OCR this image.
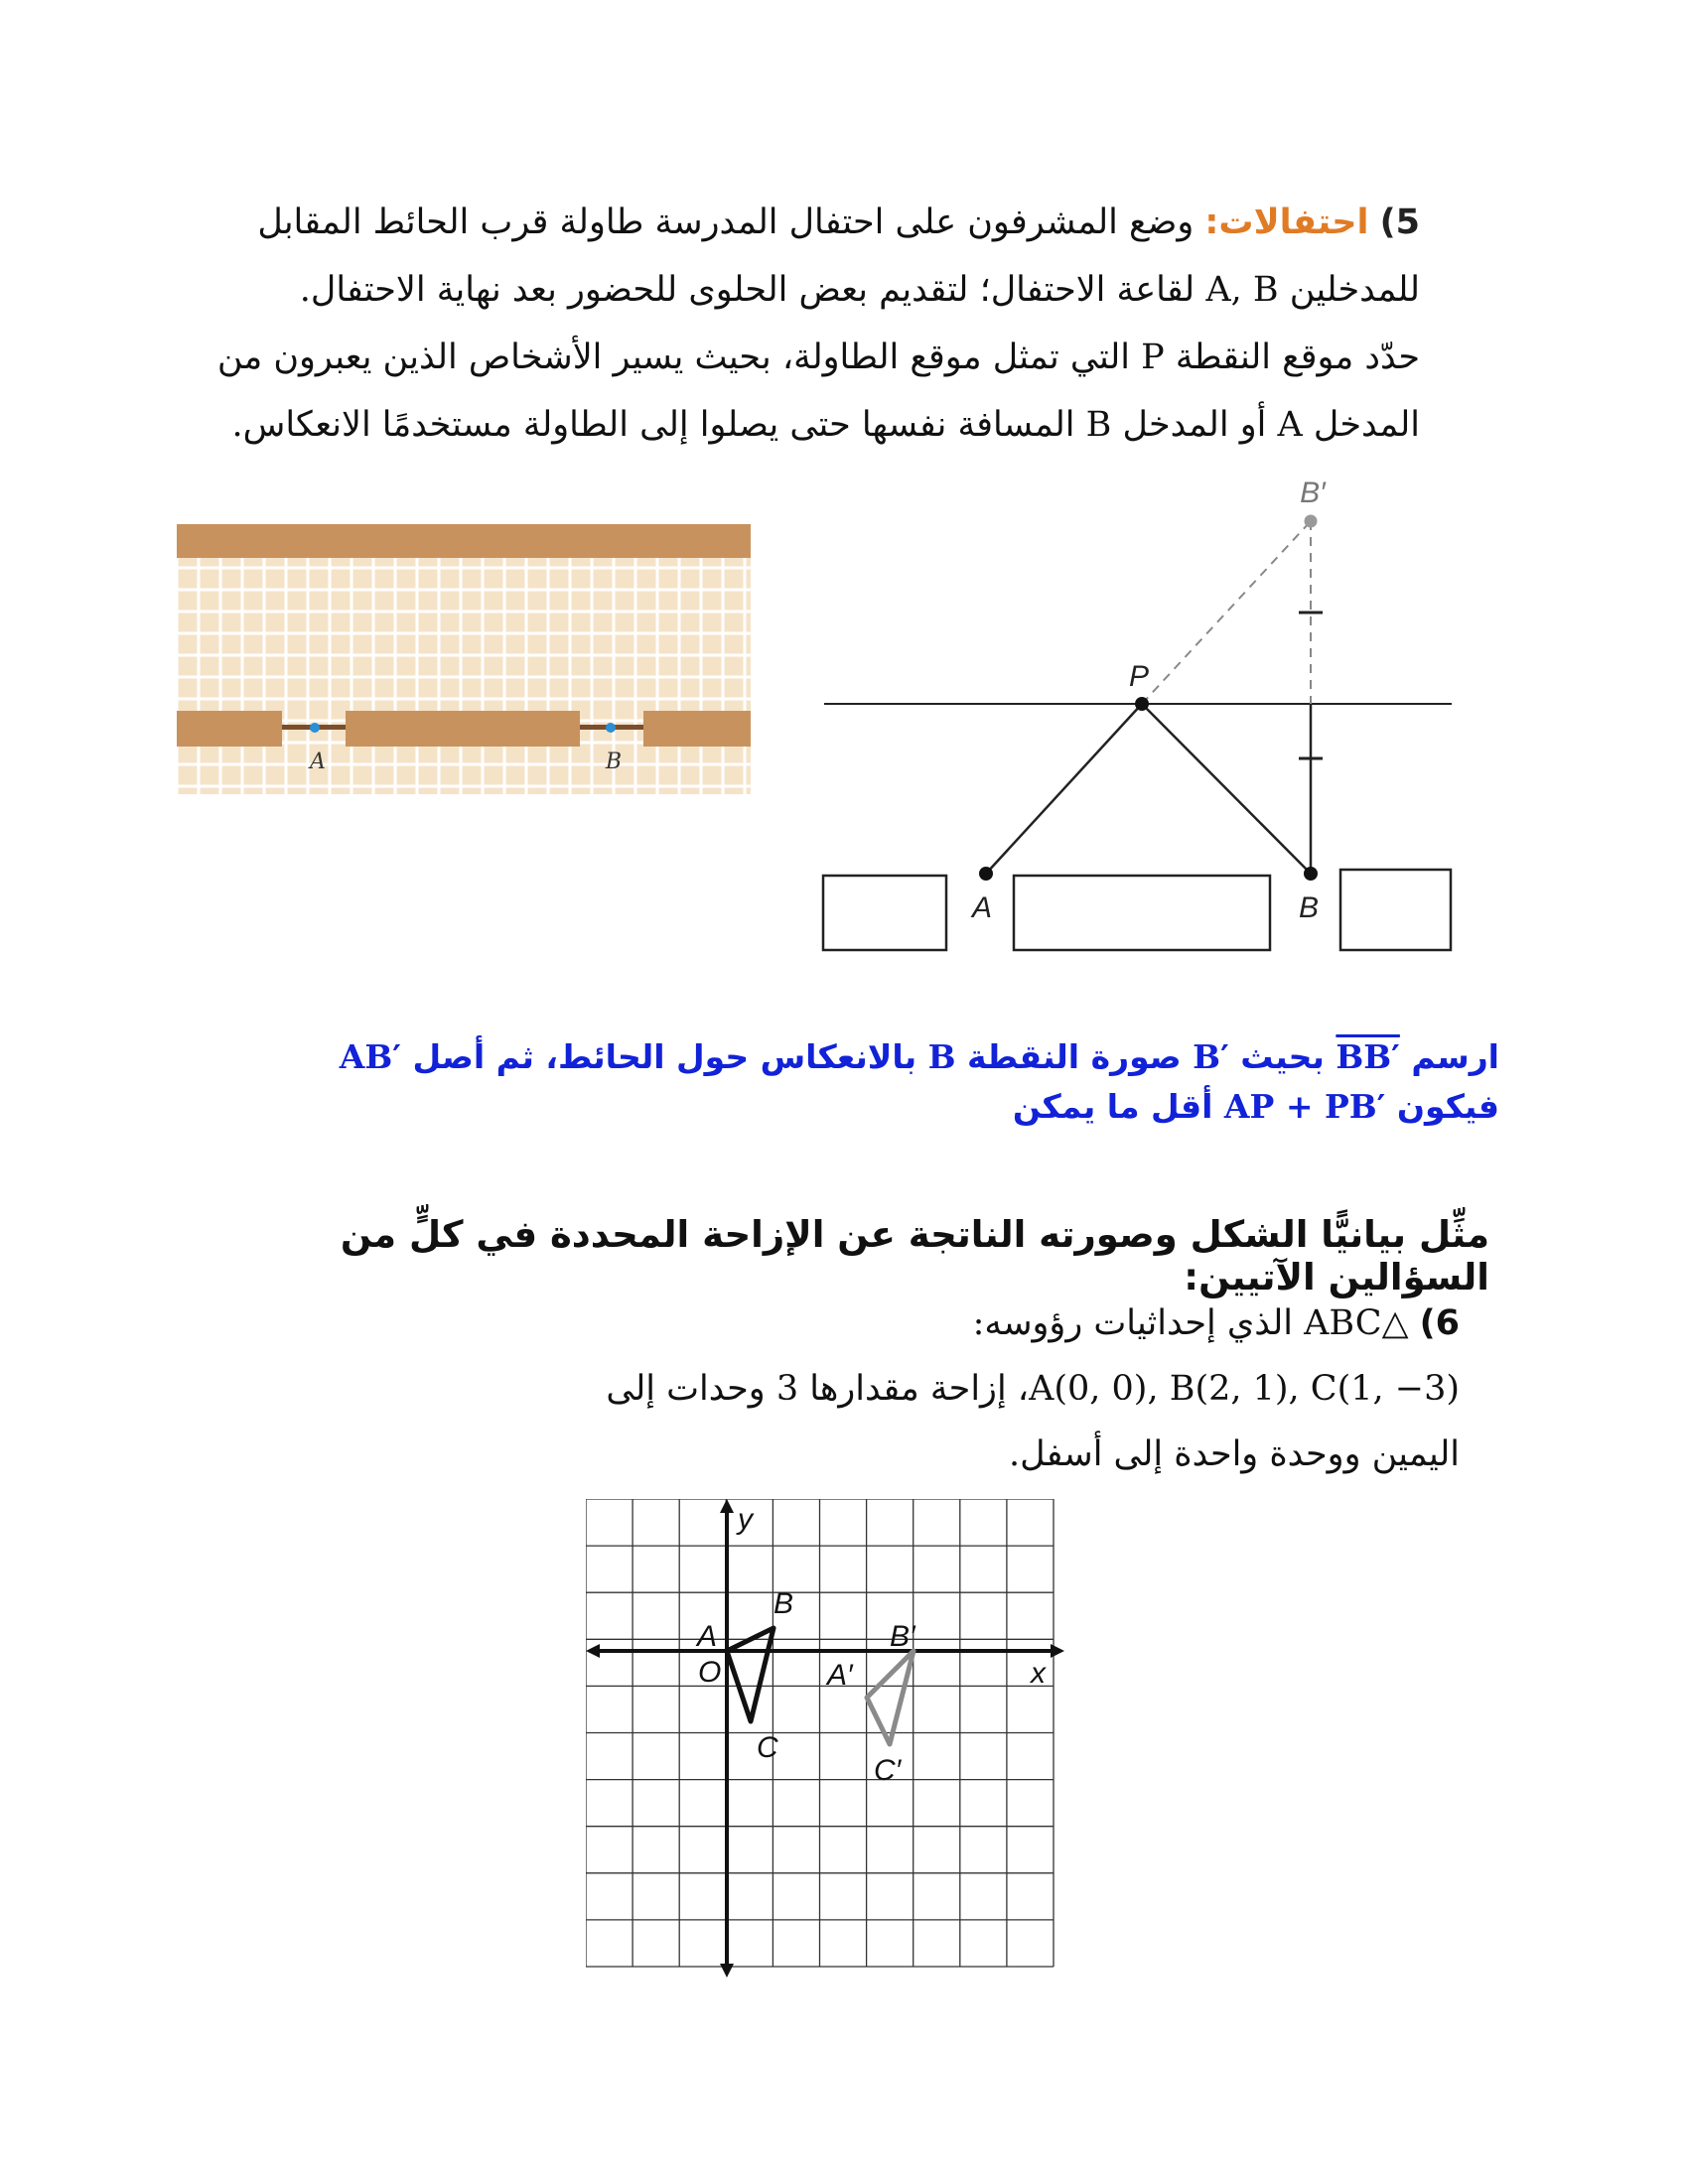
5) احتفالات: وضع المشرفون على احتفال المدرسة طاولة قرب الحائط المقابل
للمدخلين A, B لقاعة الاحتفال؛ لتقديم بعض الحلوى للحضور بعد نهاية الاحتفال.
حدّد موقع النقطة P التي تمثل موقع الطاولة، بحيث يسير الأشخاص الذين يعبرون من
المدخل A أو المدخل B المسافة نفسها حتى يصلوا إلى الطاولة مستخدمًا الانعكاس.
A	B
B′
P
A	B
ارسم BB′ بحيث B′ صورة النقطة B بالانعكاس حول الحائط، ثم أصل AB′
فيكون AP + PB′ أقل ما يمكن
مثِّل بيانيًّا الشكل وصورته الناتجة عن الإزاحة المحددة في كلٍّ من السؤالين الآتيين:
6) △ABC الذي إحداثيات رؤوسه:
A(0, 0), B(2, 1), C(1, −3)، إزاحة مقدارها 3 وحدات إلى
اليمين ووحدة واحدة إلى أسفل.
y
x
O
A
B
C
A′
B′
C′
